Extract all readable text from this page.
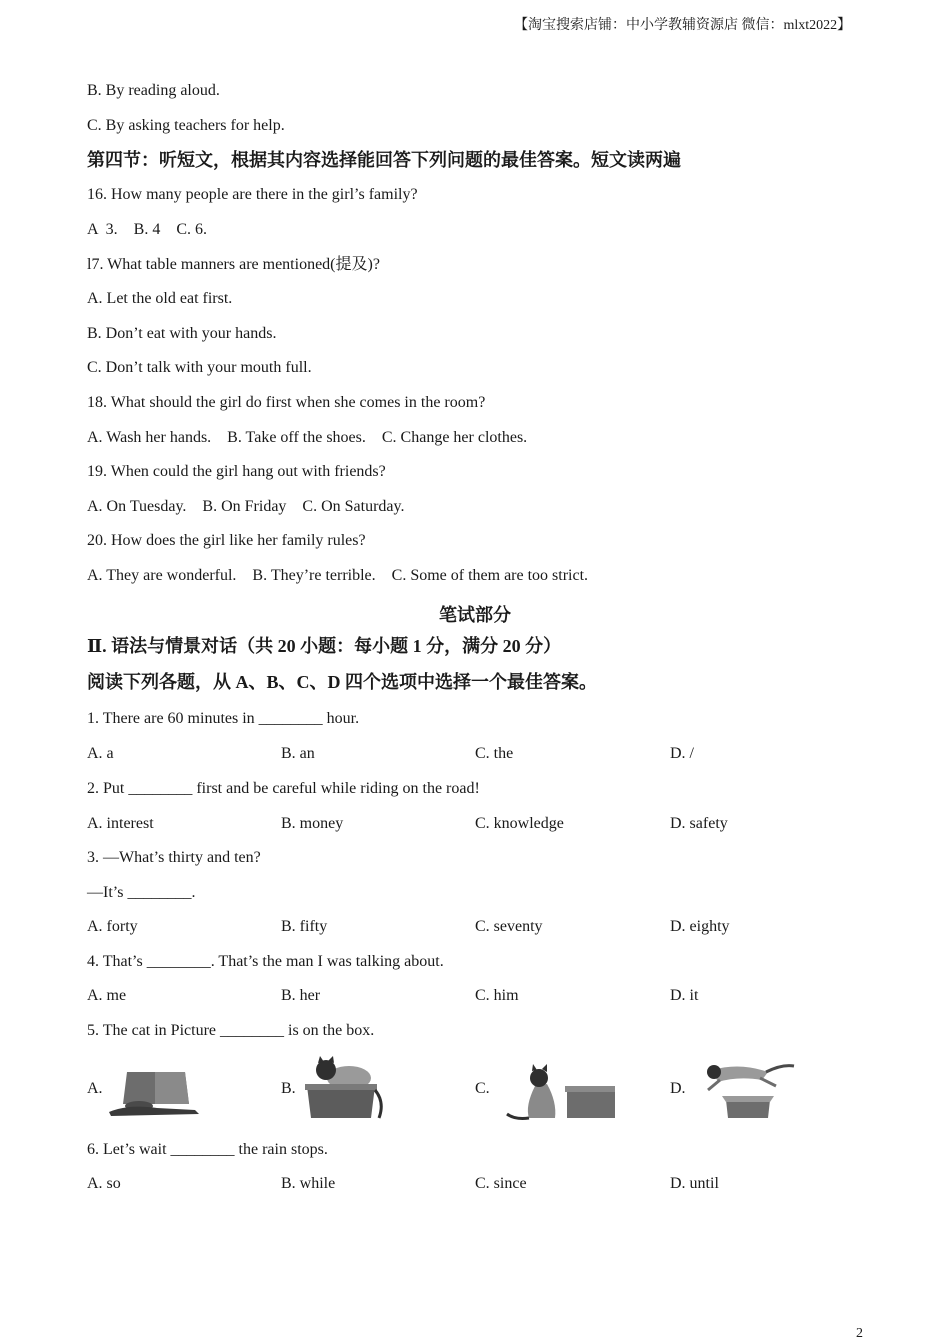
【淘宝搜索店铺：中小学教辅资源店 微信：mlxt2022】
B. By reading aloud.
C. By asking teachers for help.
第四节：听短文，根据其内容选择能回答下列问题的最佳答案。短文读两遍
16. How many people are there in the girl’s family?
A  3.    B. 4    C. 6.
l7. What table manners are mentioned(提及)?
A. Let the old eat first.
B. Don’t eat with your hands.
C. Don’t talk with your mouth full.
18. What should the girl do first when she comes in the room?
A. Wash her hands.    B. Take off the shoes.    C. Change her clothes.
19. When could the girl hang out with friends?
A. On Tuesday.    B. On Friday    C. On Saturday.
20. How does the girl like her family rules?
A. They are wonderful.    B. They’re terrible.    C. Some of them are too strict.
笔试部分
Ⅱ. 语法与情景对话（共 20 小题：每小题 1 分，满分 20 分）
阅读下列各题，从 A、B、C、D 四个选项中选择一个最佳答案。
1. There are 60 minutes in ________ hour.
A. a	B. an	C. the	D. /
2. Put ________ first and be careful while riding on the road!
A. interest	B. money	C. knowledge	D. safety
3. —What’s thirty and ten?
—It’s ________.
A. forty	B. fifty	C. seventy	D. eighty
4. That’s ________. That’s the man I was talking about.
A. me	B. her	C. him	D. it
5. The cat in Picture ________ is on the box.
A.	B.	C.	D.
6. Let’s wait ________ the rain stops.
A. so	B. while	C. since	D. until
2
